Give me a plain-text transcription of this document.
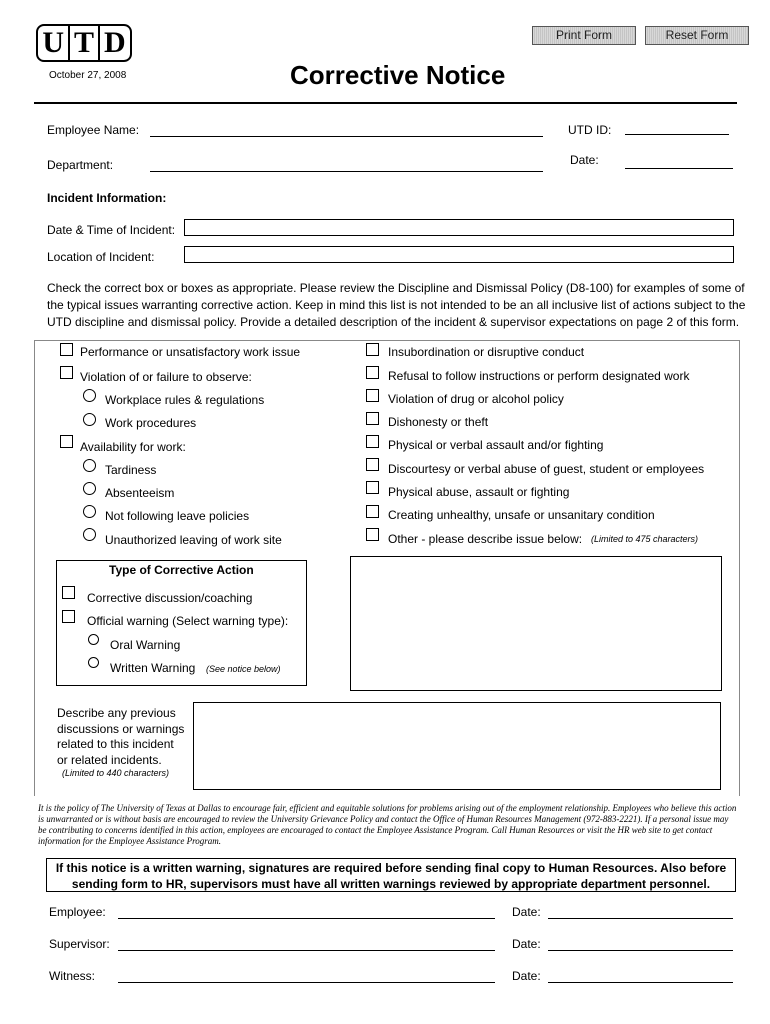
U T D
October 27, 2008	Corrective Notice
Print Form	Reset Form
Employee Name:	UTD ID:
Department:	Date:
Incident Information:
Date & Time of Incident:
Location of Incident:
Check the correct box or boxes as appropriate. Please review the Discipline and Dismissal Policy (D8-100) for examples of some of
the typical issues warranting corrective action. Keep in mind this list is not intended to be an all inclusive list of actions subject to the
UTD discipline and dismissal policy. Provide a detailed description of the incident & supervisor expectations on page 2 of this form.
Performance or unsatisfactory work issue
Violation of or failure to observe:
Workplace rules & regulations
Work procedures
Availability for work:
Tardiness
Absenteeism
Not following leave policies
Unauthorized leaving of work site
Insubordination or disruptive conduct
Refusal to follow instructions or perform designated work
Violation of drug or alcohol policy
Dishonesty or theft
Physical or verbal assault and/or fighting
Discourtesy or verbal abuse of guest, student or employees
Physical abuse, assault or fighting
Creating unhealthy, unsafe or unsanitary condition
Other - please describe issue below: (Limited to 475 characters)
Type of Corrective Action
Corrective discussion/coaching
Official warning (Select warning type):
Oral Warning
Written Warning (See notice below)
Describe any previous
discussions or warnings
related to this incident
or related incidents.
(Limited to 440 characters)
It is the policy of The University of Texas at Dallas to encourage fair, efficient and equitable solutions for problems arising out of the employment relationship. Employees who believe this action is unwarranted or is without basis are encouraged to review the University Grievance Policy and contact the Office of Human Resources Management (972-883-2221). If a personal issue may be contributing to concerns identified in this action, employees are encouraged to contact the Employee Assistance Program. Call Human Resources or visit the HR web site to get contact information for the Employee Assistance Program.
If this notice is a written warning, signatures are required before sending final copy to Human Resources. Also before
sending form to HR, supervisors must have all written warnings reviewed by appropriate department personnel.
Employee:	Date:
Supervisor:	Date:
Witness:	Date:
